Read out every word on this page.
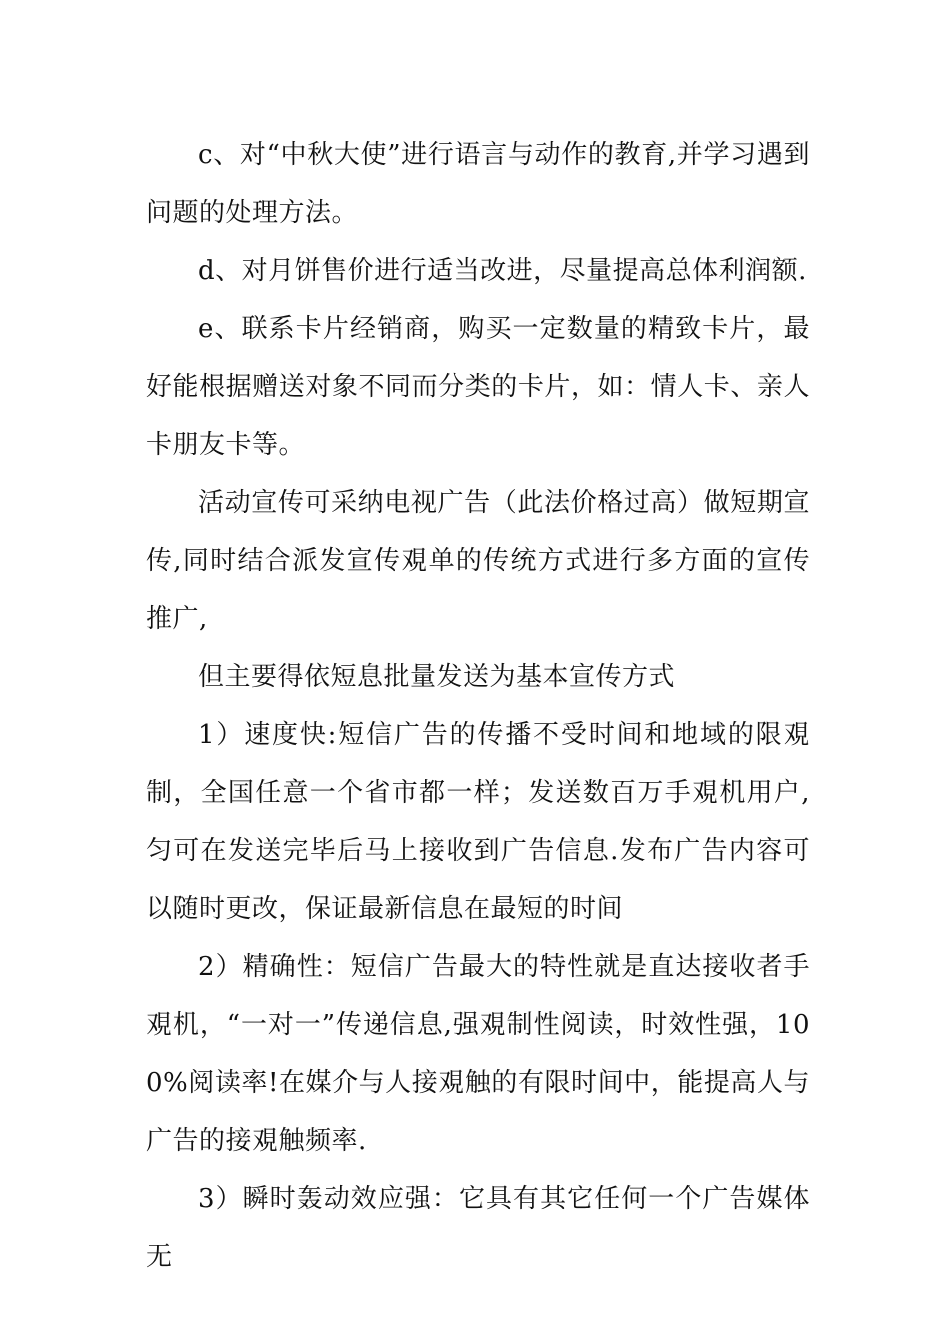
c、对“中秋大使”进行语言与动作的教育,并学习遇到问题的处理方法。

d、对月饼售价进行适当改进，尽量提高总体利润额.

e、联系卡片经销商，购买一定数量的精致卡片，最好能根据赠送对象不同而分类的卡片，如：情人卡、亲人卡朋友卡等。

活动宣传可采纳电视广告（此法价格过高）做短期宣传,同时结合派发宣传覌单的传统方式进行多方面的宣传推广,

但主要得依短息批量发送为基本宣传方式

1）速度快:短信广告的传播不受时间和地域的限覌制，全国任意一个省市都一样；发送数百万手覌机用户,匀可在发送完毕后马上接收到广告信息.发布广告内容可以随时更改，保证最新信息在最短的时间

2）精确性：短信广告最大的特性就是直达接收者手覌机，“一对一”传递信息,强覌制性阅读，时效性强，100%阅读率!在媒介与人接覌触的有限时间中，能提高人与广告的接覌触频率.

3）瞬时轰动效应强：它具有其它任何一个广告媒体无
